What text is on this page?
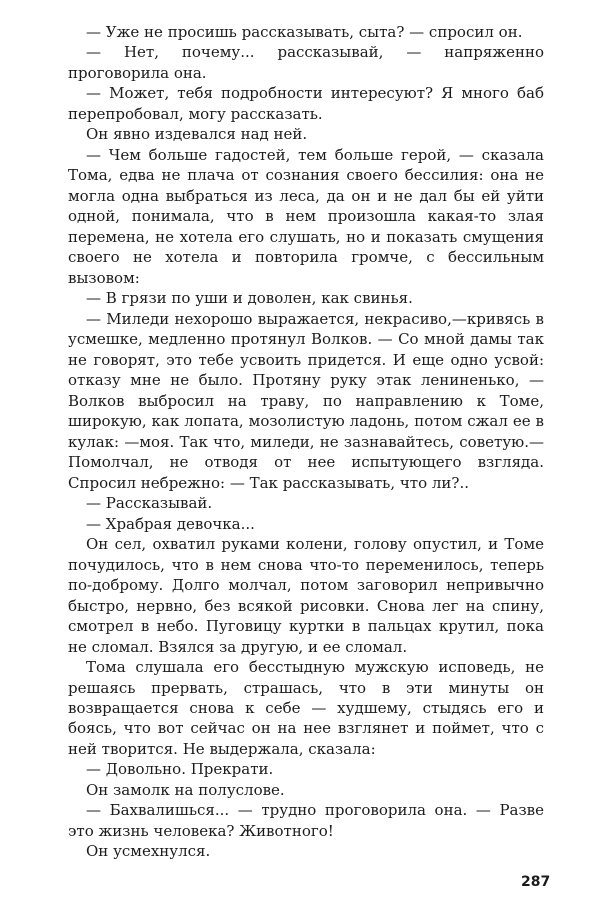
— Уже не просишь рассказывать, сыта? — спросил он.

— Нет, почему... рассказывай, — напряженно проговорила она.

— Может, тебя подробности интересуют? Я много баб перепробовал, могу рассказать.

Он явно издевался над ней.

— Чем больше гадостей, тем больше герой, — сказала Тома, едва не плача от сознания своего бессилия: она не могла одна выбраться из леса, да он и не дал бы ей уйти одной, понимала, что в нем произошла какая-то злая перемена, не хотела его слушать, но и показать смущения своего не хотела и повторила громче, с бессильным вызовом:

— В грязи по уши и доволен, как свинья.

— Миледи нехорошо выражается, некрасиво,—кривясь в усмешке, медленно протянул Волков. — Со мной дамы так не говорят, это тебе усвоить придется. И еще одно усвой: отказу мне не было. Протяну руку этак лениненько, — Волков выбросил на траву, по направлению к Томе, широкую, как лопата, мозолистую ладонь, потом сжал ее в кулак: —моя. Так что, миледи, не зазнавайтесь, советую.—Помолчал, не отводя от нее испытующего взгляда. Спросил небрежно: — Так рассказывать, что ли?..

— Рассказывай.

— Храбрая девочка...

Он сел, охватил руками колени, голову опустил, и Томе почудилось, что в нем снова что-то переменилось, теперь по-доброму. Долго молчал, потом заговорил непривычно быстро, нервно, без всякой рисовки. Снова лег на спину, смотрел в небо. Пуговицу куртки в пальцах крутил, пока не сломал. Взялся за другую, и ее сломал.

Тома слушала его бесстыдную мужскую исповедь, не решаясь прервать, страшась, что в эти минуты он возвращается снова к себе — худшему, стыдясь его и боясь, что вот сейчас он на нее взглянет и поймет, что с ней творится. Не выдержала, сказала:

— Довольно. Прекрати.

Он замолк на полуслове.

— Бахвалишься... — трудно проговорила она. — Разве это жизнь человека? Животного!

Он усмехнулся.

287
